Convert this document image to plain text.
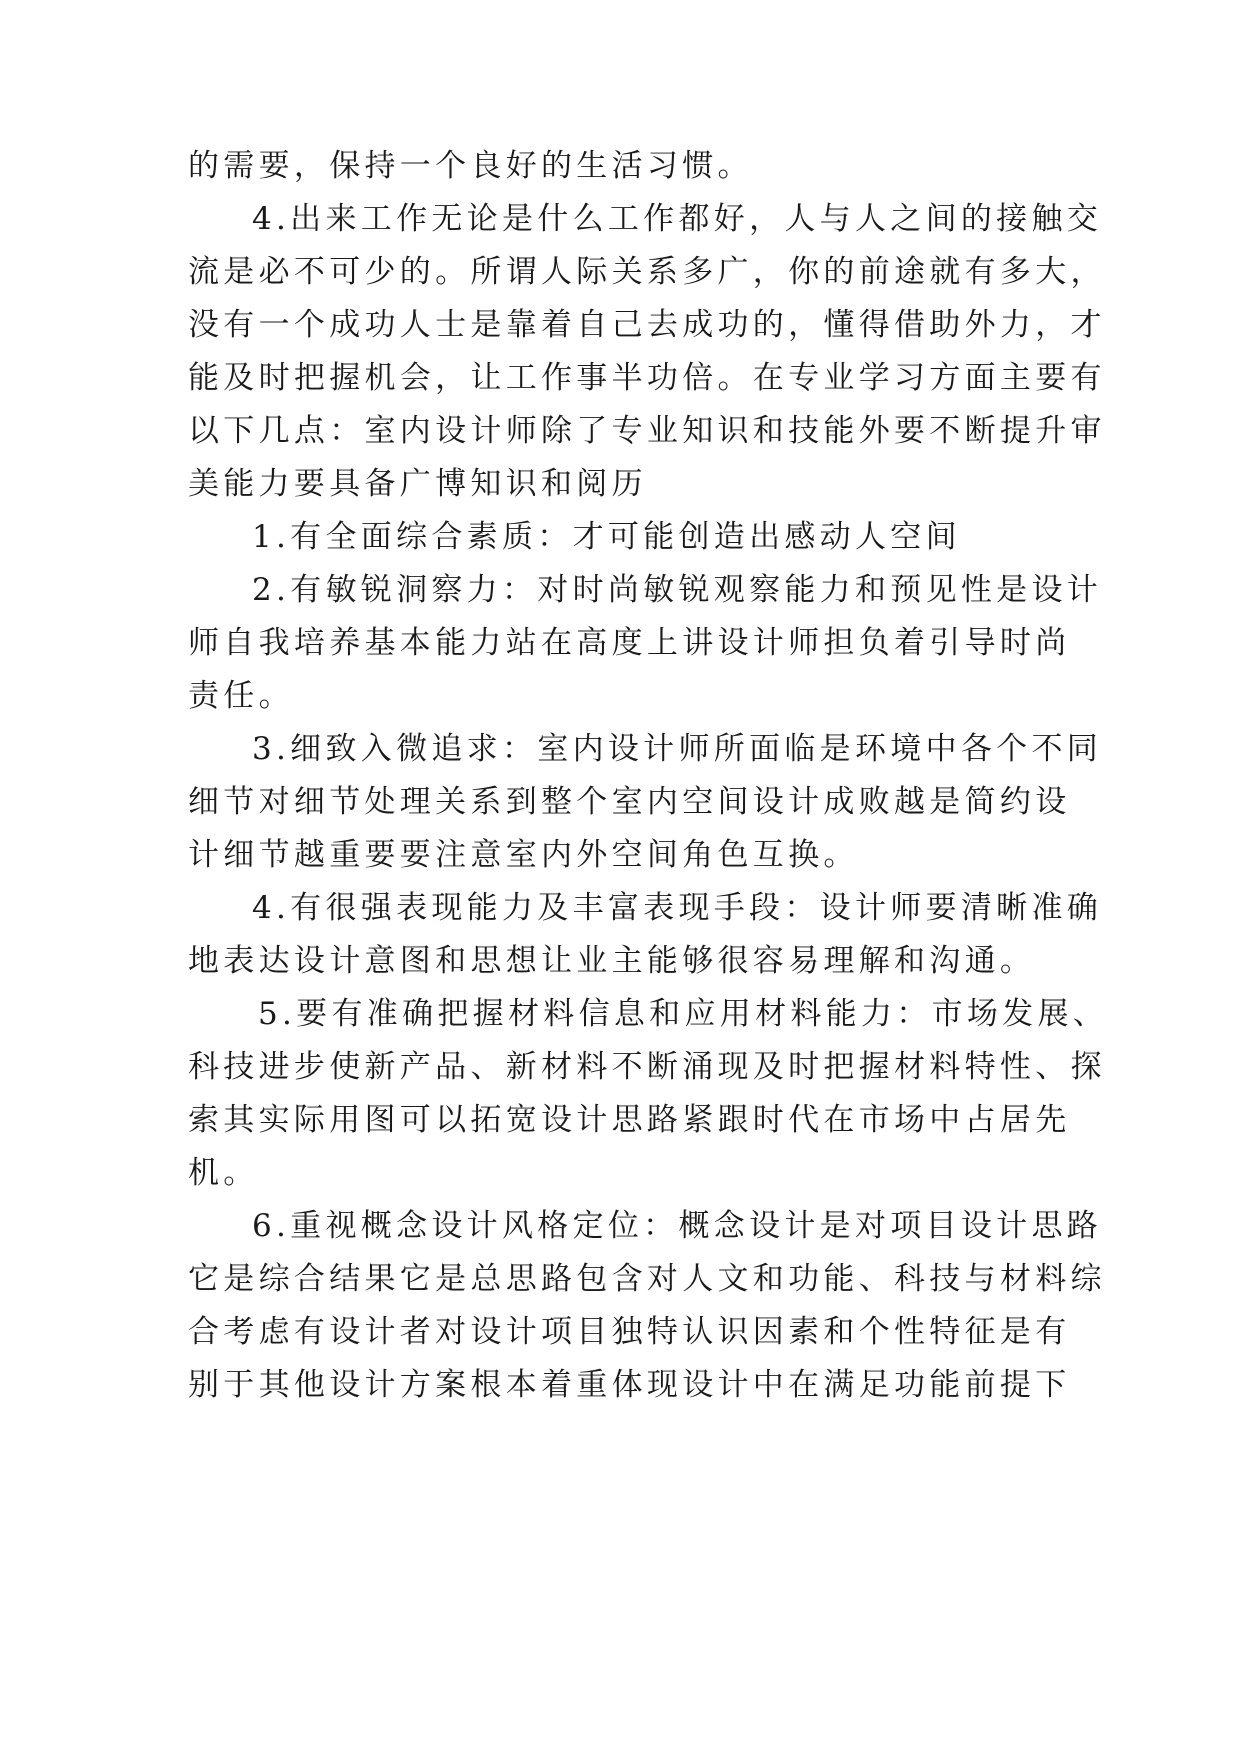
的需要，保持一个良好的生活习惯。
4.出来工作无论是什么工作都好，人与人之间的接触交
流是必不可少的。所谓人际关系多广，你的前途就有多大，
没有一个成功人士是靠着自己去成功的，懂得借助外力，才
能及时把握机会，让工作事半功倍。在专业学习方面主要有
以下几点：室内设计师除了专业知识和技能外要不断提升审
美能力要具备广博知识和阅历
1.有全面综合素质：才可能创造出感动人空间
2.有敏锐洞察力：对时尚敏锐观察能力和预见性是设计
师自我培养基本能力站在高度上讲设计师担负着引导时尚
责任。
3.细致入微追求：室内设计师所面临是环境中各个不同
细节对细节处理关系到整个室内空间设计成败越是简约设
计细节越重要要注意室内外空间角色互换。
4.有很强表现能力及丰富表现手段：设计师要清晰准确
地表达设计意图和思想让业主能够很容易理解和沟通。
5.要有准确把握材料信息和应用材料能力：市场发展、
科技进步使新产品、新材料不断涌现及时把握材料特性、探
索其实际用图可以拓宽设计思路紧跟时代在市场中占居先
机。
6.重视概念设计风格定位：概念设计是对项目设计思路
它是综合结果它是总思路包含对人文和功能、科技与材料综
合考虑有设计者对设计项目独特认识因素和个性特征是有
别于其他设计方案根本着重体现设计中在满足功能前提下
